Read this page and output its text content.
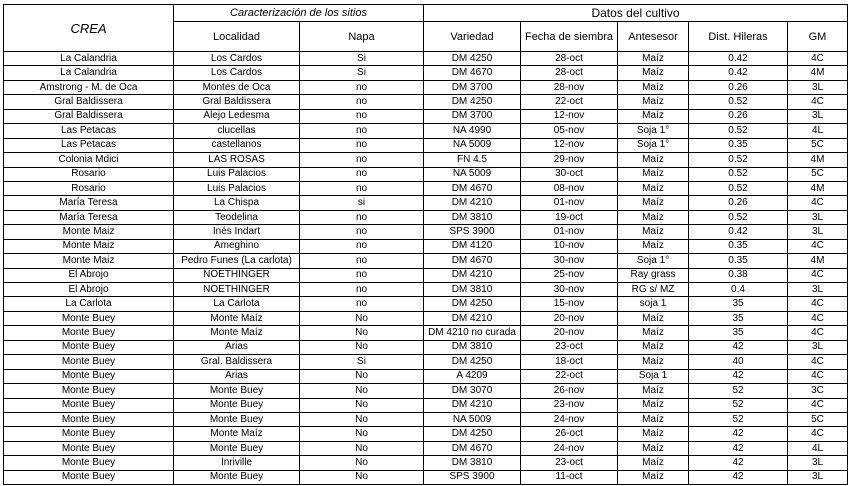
CREA	Caracterización de los sitios		Datos del cultivo				
	Localidad	Napa	Variedad	Fecha de siembra	Antesesor	Dist. Hileras	GM
La Calandria	Los Cardos	Si	DM 4250	28-oct	Maíz	0.42	4C
La Calandria	Los Cardos	Si	DM 4670	28-oct	Maíz	0.42	4M
Amstrong - M. de Oca	Montes de Oca	no	DM 3700	28-nov	Maíz	0.26	3L
Gral Baldissera	Gral Baldissera	no	DM 4250	22-oct	Maíz	0.52	4C
Gral Baldissera	Alejo Ledesma	no	DM 3700	12-nov	Maíz	0.26	3L
Las Petacas	clucellas	no	NA 4990	05-nov	Soja 1°	0.52	4L
Las Petacas	castellanos	no	NA 5009	12-nov	Soja 1°	0.35	5C
Colonia Mdici	LAS ROSAS	no	FN 4.5	29-nov	Maíz	0.52	4M
Rosario	Luis Palacios	no	NA 5009	30-oct	Maíz	0.52	5C
Rosario	Luis Palacios	no	DM 4670	08-nov	Maíz	0.52	4M
María Teresa	La Chispa	si	DM 4210	01-nov	Maíz	0.26	4C
María Teresa	Teodelina	no	DM 3810	19-oct	Maíz	0.52	3L
Monte Maiz	Inés Indart	no	SPS 3900	01-nov	Maíz	0.42	3L
Monte Maiz	Ameghino	no	DM 4120	10-nov	Maíz	0.35	4C
Monte Maiz	Pedro Funes (La carlota)	no	DM 4670	30-nov	Soja 1°	0.35	4M
El Abrojo	NOETHINGER	no	DM 4210	25-nov	Ray grass	0.38	4C
El Abrojo	NOETHINGER	no	DM 3810	30-nov	RG s/ MZ	0.4	3L
La Carlota	La Carlota	no	DM 4250	15-nov	soja 1	35	4C
Monte Buey	Monte Maíz	No	DM 4210	20-nov	Maíz	35	4C
Monte Buey	Monte Maíz	No	DM 4210 no curada	20-nov	Maíz	35	4C
Monte Buey	Arias	No	DM 3810	23-oct	Maíz	42	3L
Monte Buey	Gral. Baldissera	Si	DM 4250	18-oct	Maíz	40	4C
Monte Buey	Arias	No	A 4209	22-oct	Soja 1	42	4C
Monte Buey	Monte Buey	No	DM 3070	26-nov	Maíz	52	3C
Monte Buey	Monte Buey	No	DM 4210	23-nov	Maíz	52	4C
Monte Buey	Monte Buey	No	NA 5009	24-nov	Maíz	52	5C
Monte Buey	Monte Maíz	No	DM 4250	26-oct	Maíz	42	4C
Monte Buey	Monte Buey	No	DM 4670	24-nov	Maíz	42	4L
Monte Buey	Inriville	No	DM 3810	23-oct	Maíz	42	3L
Monte Buey	Monte Buey	No	SPS 3900	11-oct	Maíz	42	3L
